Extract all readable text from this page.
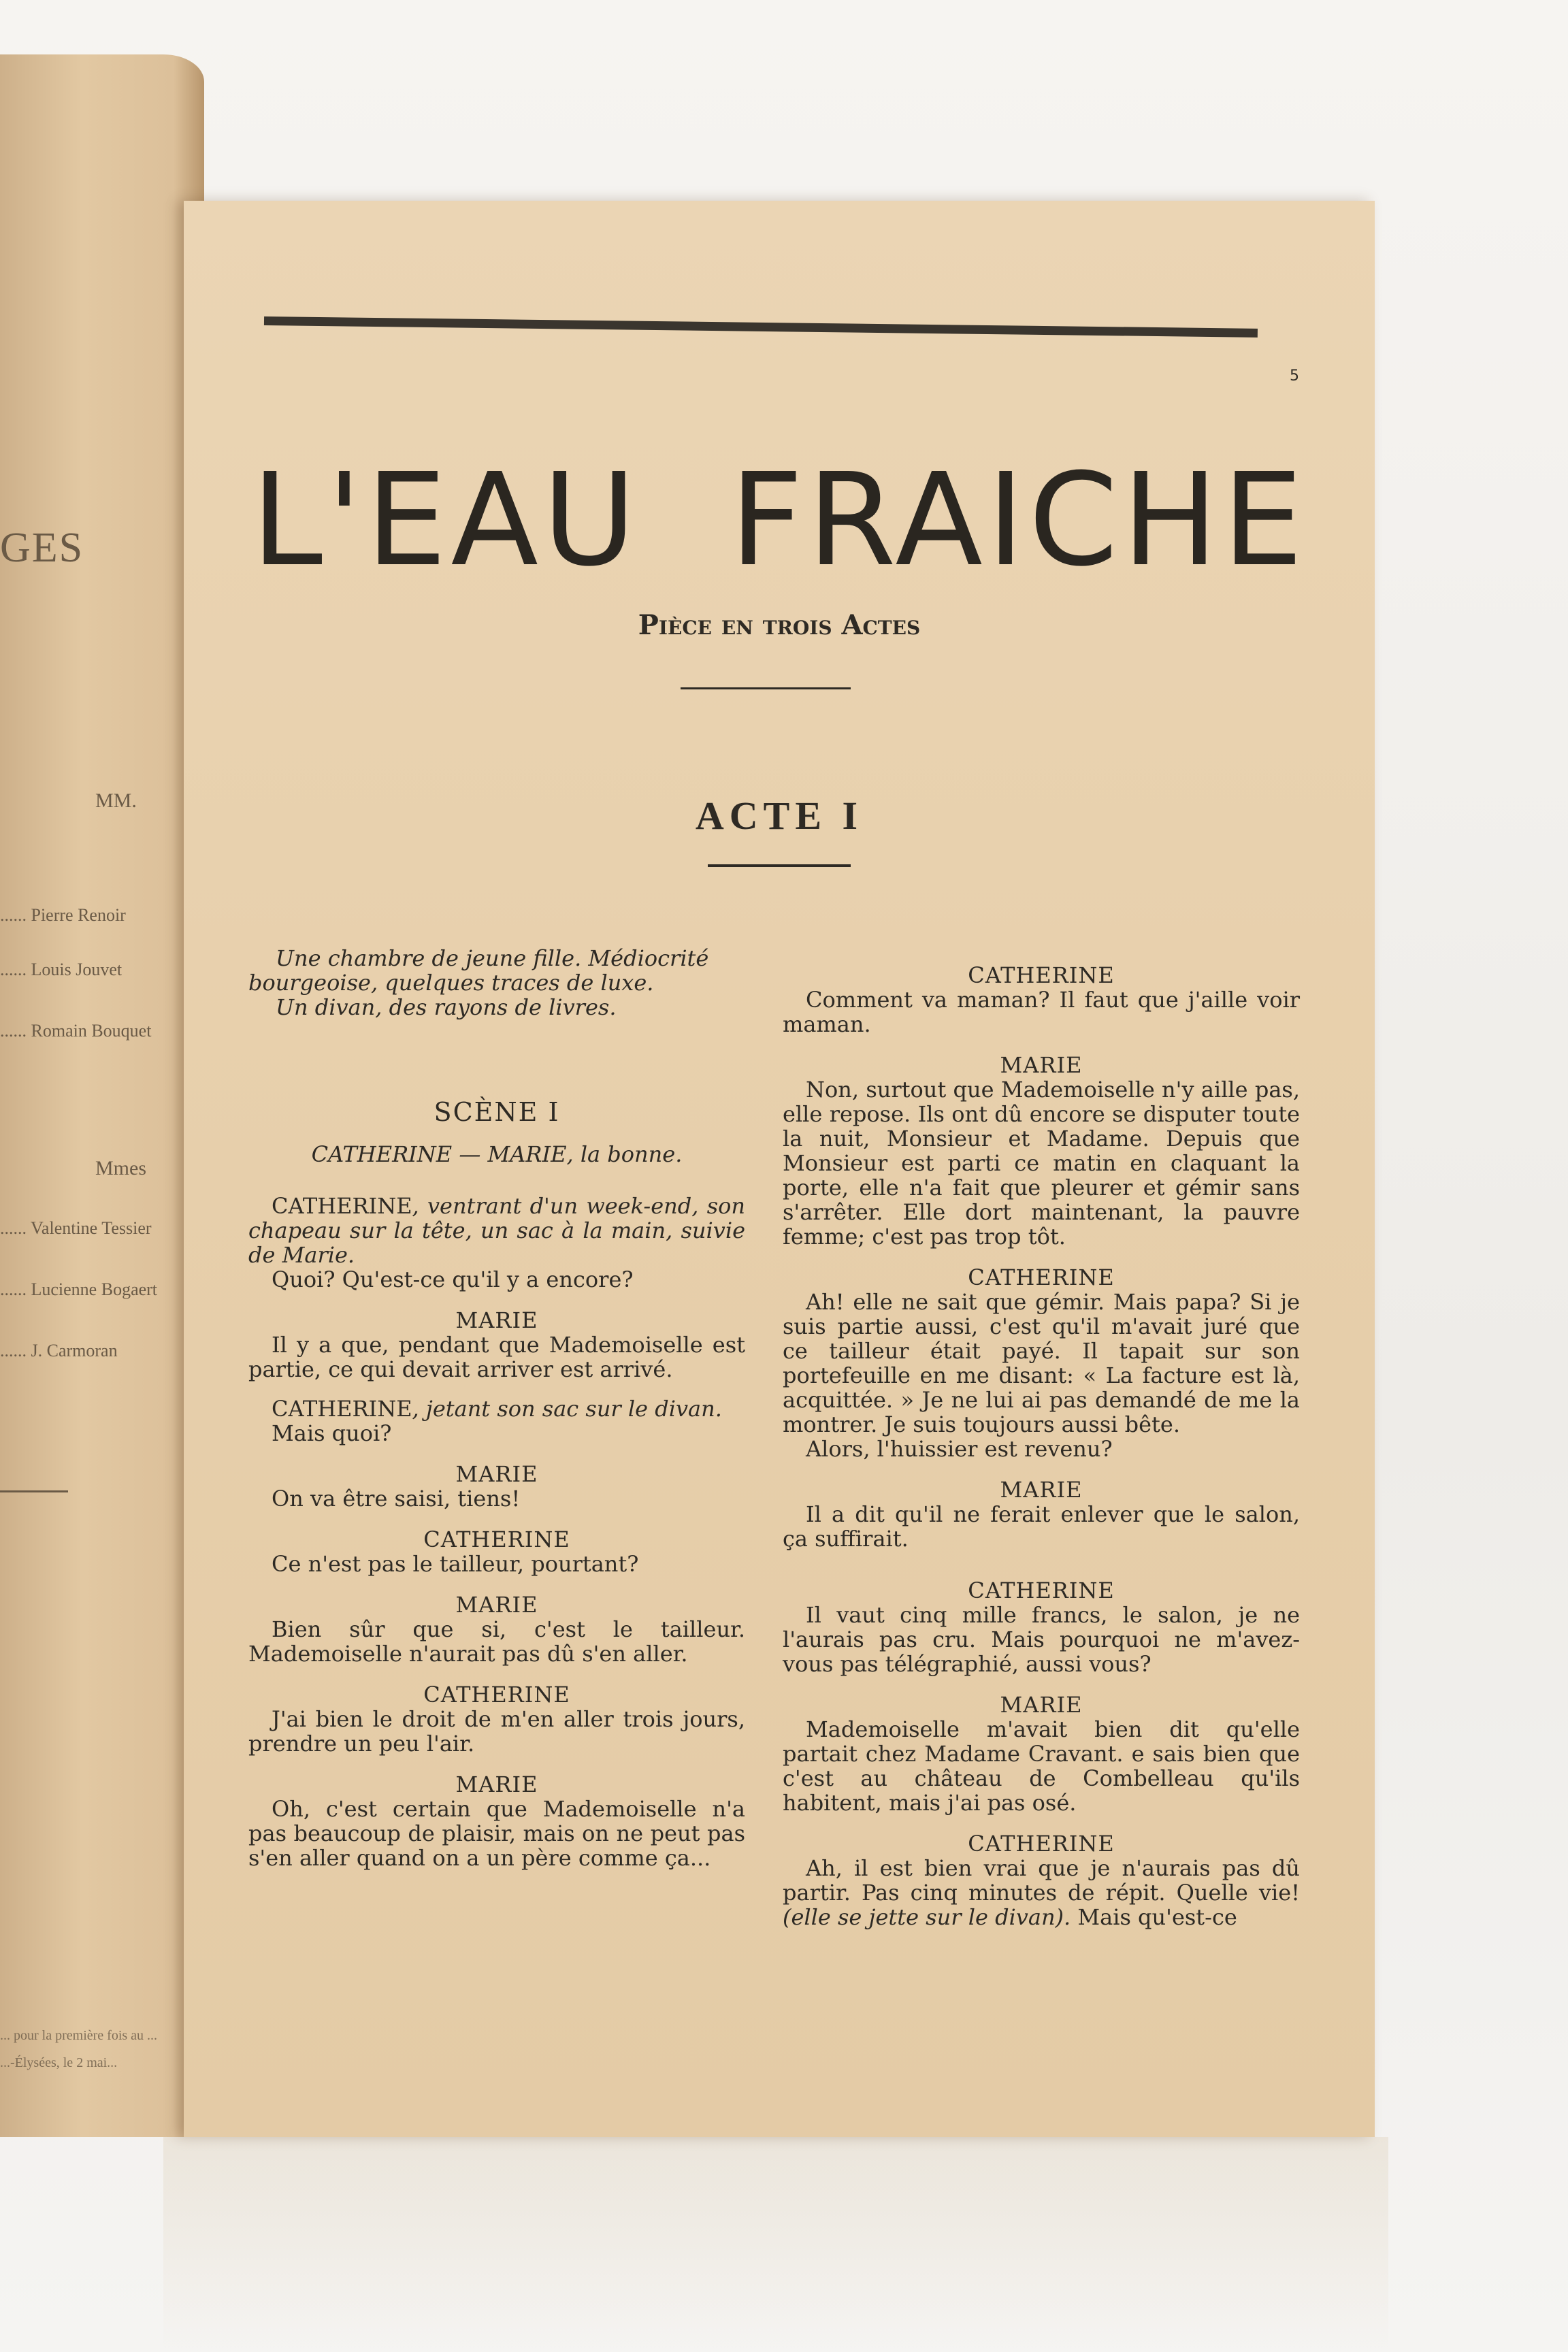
GES
MM.
...... Pierre Renoir
...... Louis Jouvet
...... Romain Bouquet
Mmes
...... Valentine Tessier
...... Lucienne Bogaert
...... J. Carmoran
... pour la première fois au ...
...-Élysées, le 2 mai...
5
L'EAU  FRAICHE
Pièce en trois Actes
ACTE I

Une chambre de jeune fille. Médiocrité bourgeoise, quelques traces de luxe.

Un divan, des rayons de livres.

SCÈNE I
CATHERINE — MARIE, la bonne.

CATHERINE, ventrant d'un week-end, son chapeau sur la tête, un sac à la main, suivie de Marie.

Quoi? Qu'est-ce qu'il y a encore?

MARIE

Il y a que, pendant que Mademoiselle est partie, ce qui devait arriver est arrivé.

CATHERINE, jetant son sac sur le divan.

Mais quoi?

MARIE

On va être saisi, tiens!

CATHERINE

Ce n'est pas le tailleur, pourtant?

MARIE

Bien sûr que si, c'est le tailleur. Mademoiselle n'aurait pas dû s'en aller.

CATHERINE

J'ai bien le droit de m'en aller trois jours, prendre un peu l'air.

MARIE

Oh, c'est certain que Mademoiselle n'a pas beaucoup de plaisir, mais on ne peut pas s'en aller quand on a un père comme ça...

CATHERINE

Comment va maman? Il faut que j'aille voir maman.

MARIE

Non, surtout que Mademoiselle n'y aille pas, elle repose. Ils ont dû encore se disputer toute la nuit, Monsieur et Madame. Depuis que Monsieur est parti ce matin en claquant la porte, elle n'a fait que pleurer et gémir sans s'arrêter. Elle dort maintenant, la pauvre femme; c'est pas trop tôt.

CATHERINE

Ah! elle ne sait que gémir. Mais papa? Si je suis partie aussi, c'est qu'il m'avait juré que ce tailleur était payé. Il tapait sur son portefeuille en me disant: « La facture est là, acquittée. » Je ne lui ai pas demandé de me la montrer. Je suis toujours aussi bête.

Alors, l'huissier est revenu?

MARIE

Il a dit qu'il ne ferait enlever que le salon, ça suffirait.

CATHERINE

Il vaut cinq mille francs, le salon, je ne l'aurais pas cru. Mais pourquoi ne m'avez-vous pas télégraphié, aussi vous?

MARIE

Mademoiselle m'avait bien dit qu'elle partait chez Madame Cravant. e sais bien que c'est au château de Combelleau qu'ils habitent, mais j'ai pas osé.

CATHERINE

Ah, il est bien vrai que je n'aurais pas dû partir. Pas cinq minutes de répit. Quelle vie! (elle se jette sur le divan). Mais qu'est-ce
